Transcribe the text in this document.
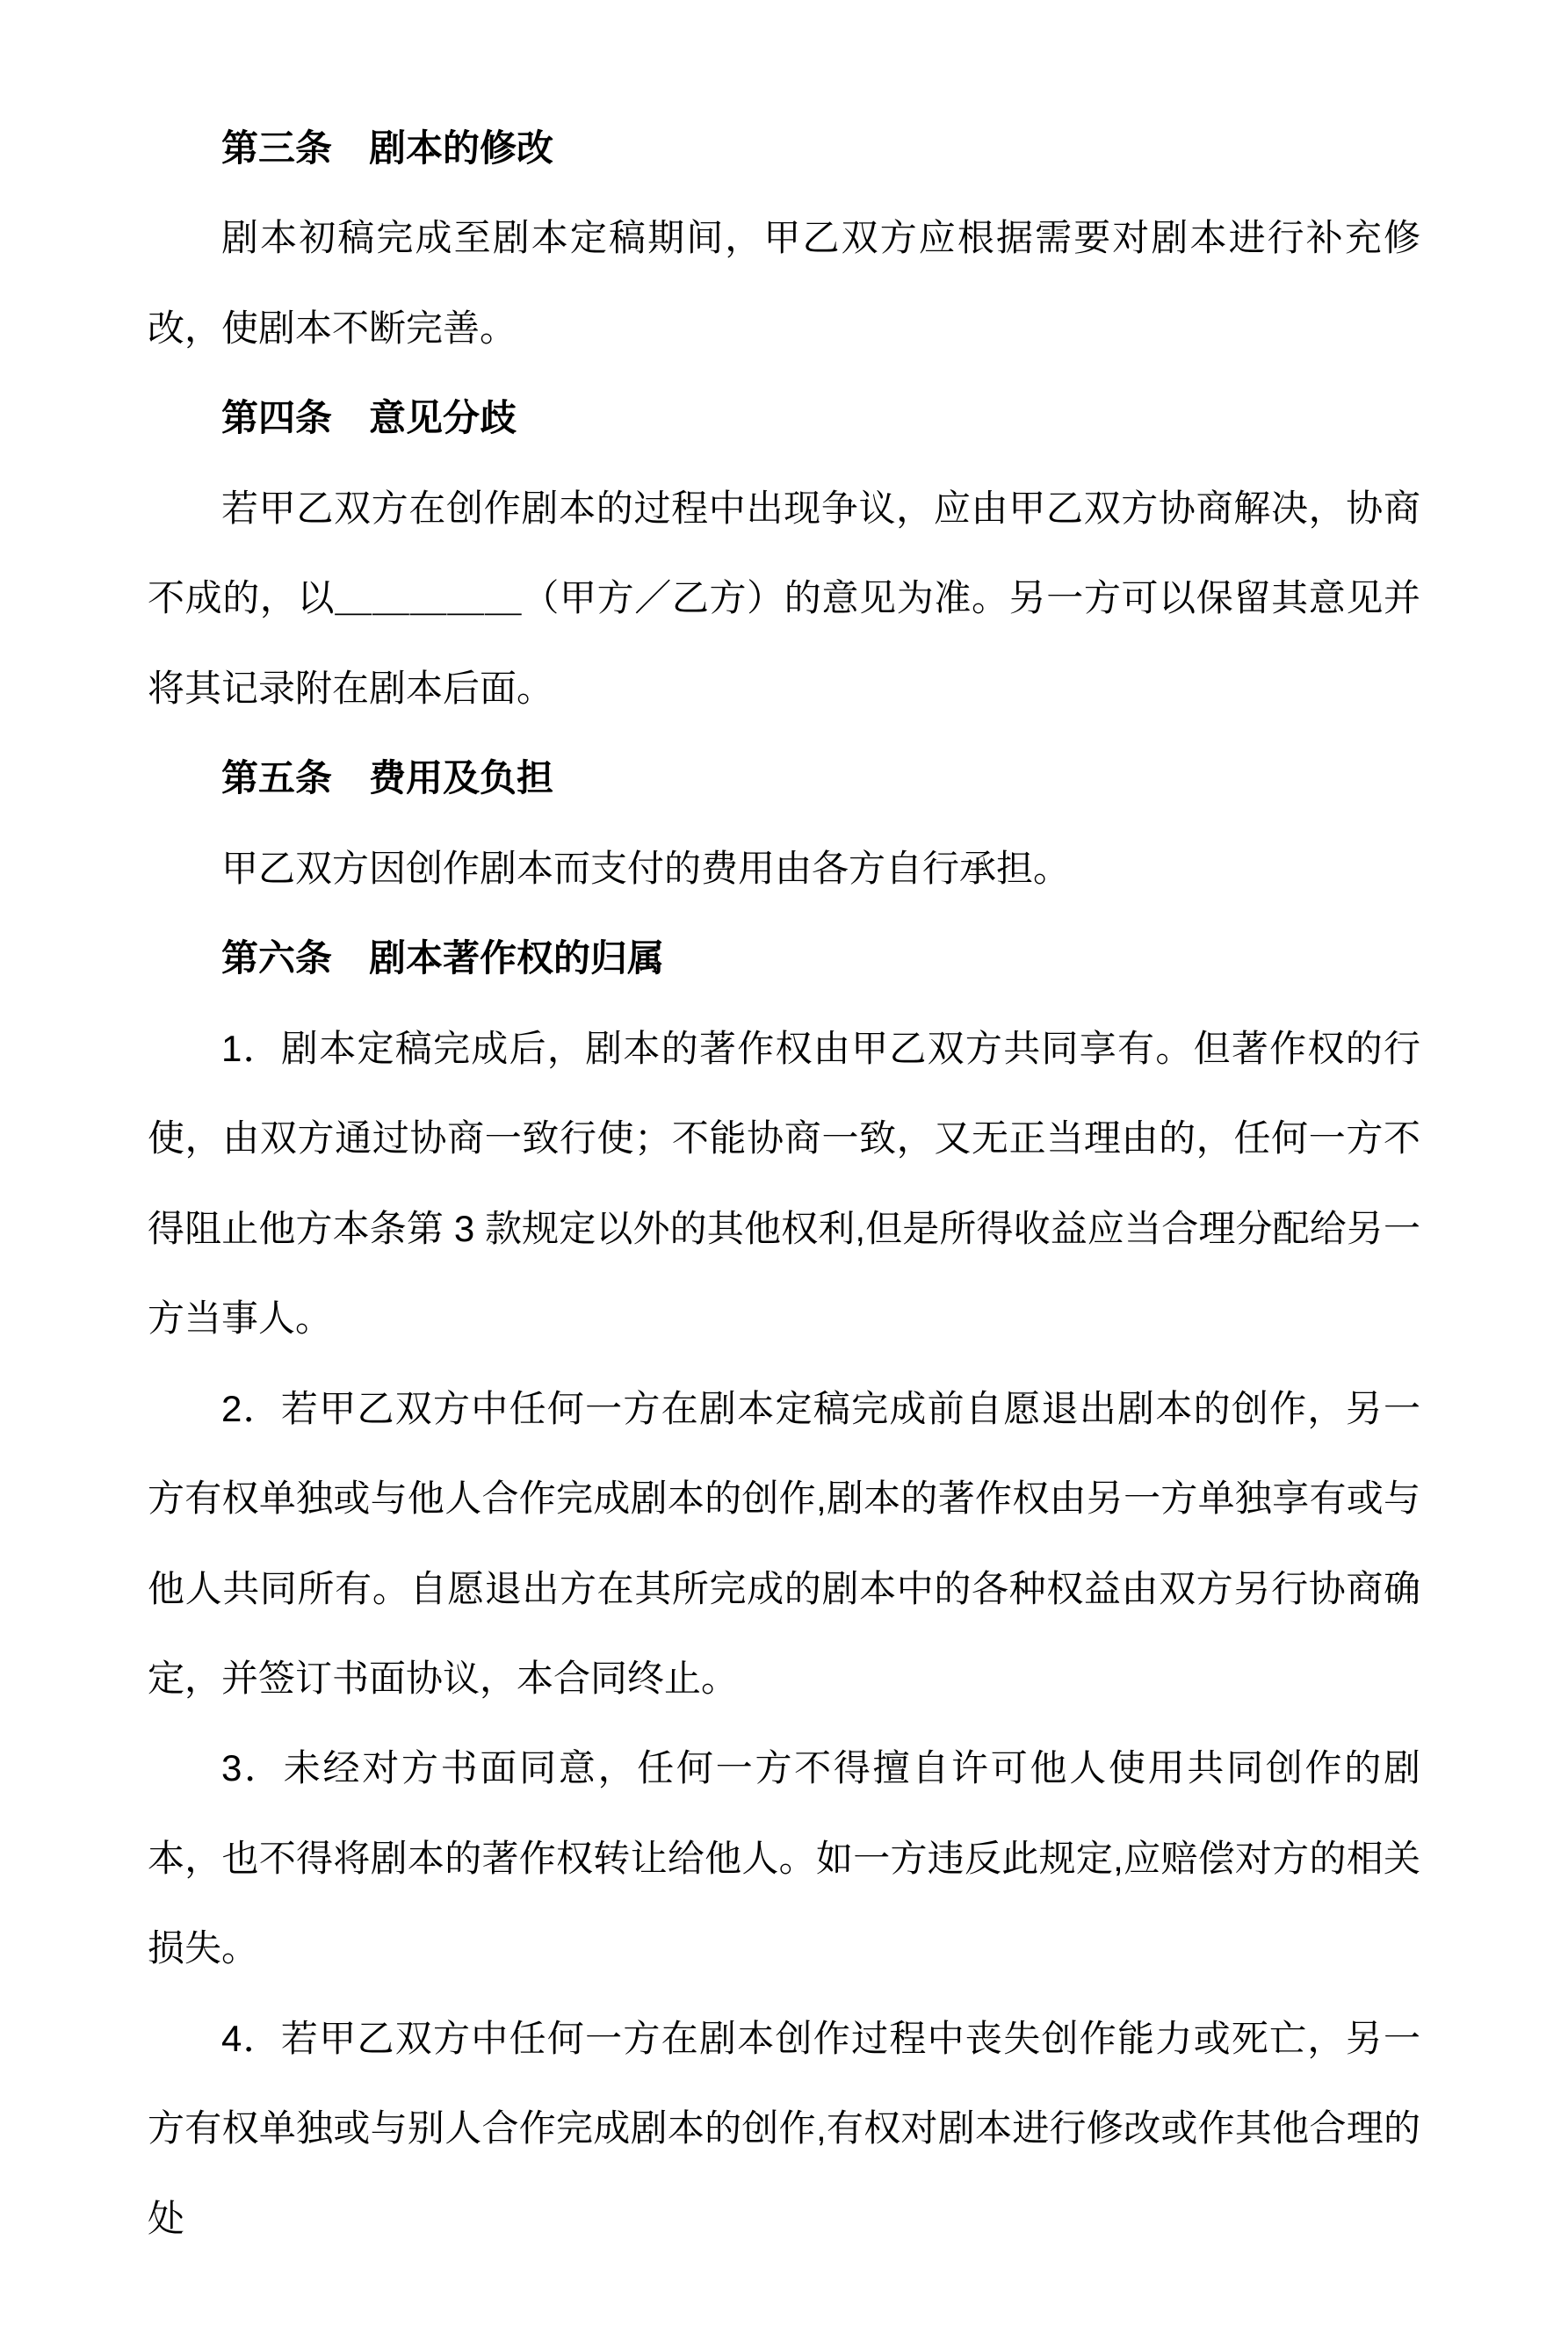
第三条　剧本的修改

剧本初稿完成至剧本定稿期间，甲乙双方应根据需要对剧本进行补充修改，使剧本不断完善。

第四条　意见分歧

若甲乙双方在创作剧本的过程中出现争议，应由甲乙双方协商解决，协商不成的，以＿＿＿＿＿（甲方／乙方）的意见为准。另一方可以保留其意见并将其记录附在剧本后面。

第五条　费用及负担

甲乙双方因创作剧本而支付的费用由各方自行承担。

第六条　剧本著作权的归属

1．剧本定稿完成后，剧本的著作权由甲乙双方共同享有。但著作权的行使，由双方通过协商一致行使；不能协商一致，又无正当理由的，任何一方不得阻止他方本条第 3 款规定以外的其他权利,但是所得收益应当合理分配给另一方当事人。

2．若甲乙双方中任何一方在剧本定稿完成前自愿退出剧本的创作，另一方有权单独或与他人合作完成剧本的创作,剧本的著作权由另一方单独享有或与他人共同所有。自愿退出方在其所完成的剧本中的各种权益由双方另行协商确定，并签订书面协议，本合同终止。

3．未经对方书面同意，任何一方不得擅自许可他人使用共同创作的剧本，也不得将剧本的著作权转让给他人。如一方违反此规定,应赔偿对方的相关损失。

4．若甲乙双方中任何一方在剧本创作过程中丧失创作能力或死亡，另一方有权单独或与别人合作完成剧本的创作,有权对剧本进行修改或作其他合理的处
